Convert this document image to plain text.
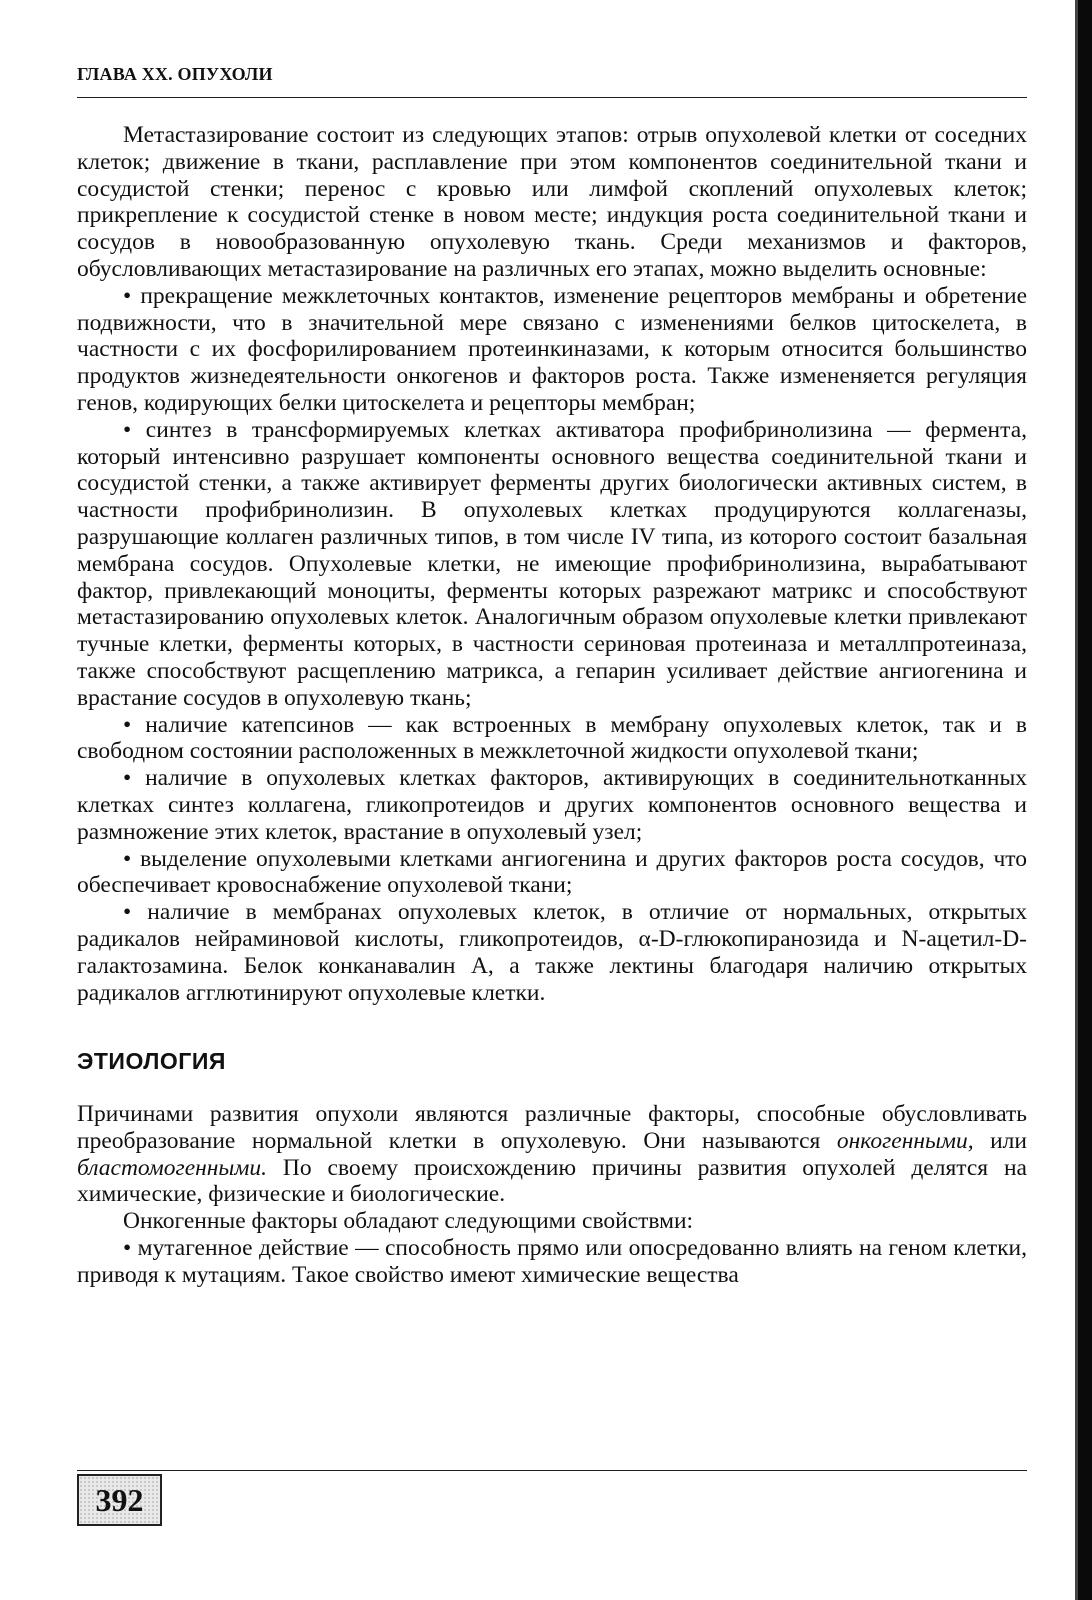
ГЛАВА XX. ОПУХОЛИ

Метастазирование состоит из следующих этапов: отрыв опухолевой клетки от соседних клеток; движение в ткани, расплавление при этом компонентов соединительной ткани и сосудистой стенки; перенос с кровью или лимфой скоплений опухолевых клеток; прикрепление к сосудистой стенке в новом месте; индукция роста соединительной ткани и сосудов в новообразованную опухолевую ткань. Среди механизмов и факторов, обусловливающих метастазирование на различных его этапах, можно выделить основные:

• прекращение межклеточных контактов, изменение рецепторов мембраны и обретение подвижности, что в значительной мере связано с изменениями белков цитоскелета, в частности с их фосфорилированием протеинкиназами, к которым относится большинство продуктов жизнедеятельности онкогенов и факторов роста. Также измененяется регуляция генов, кодирующих белки цитоскелета и рецепторы мембран;

• синтез в трансформируемых клетках активатора профибринолизина — фермента, который интенсивно разрушает компоненты основного вещества соединительной ткани и сосудистой стенки, а также активирует ферменты других биологически активных систем, в частности профибринолизин. В опухолевых клетках продуцируются коллагеназы, разрушающие коллаген различных типов, в том числе IV типа, из которого состоит базальная мембрана сосудов. Опухолевые клетки, не имеющие профибринолизина, вырабатывают фактор, привлекающий моноциты, ферменты которых разрежают матрикс и способствуют метастазированию опухолевых клеток. Аналогичным образом опухолевые клетки привлекают тучные клетки, ферменты которых, в частности сериновая протеиназа и металлпротеиназа, также способствуют расщеплению матрикса, а гепарин усиливает действие ангиогенина и врастание сосудов в опухолевую ткань;

• наличие катепсинов — как встроенных в мембрану опухолевых клеток, так и в свободном состоянии расположенных в межклеточной жидкости опухолевой ткани;

• наличие в опухолевых клетках факторов, активирующих в соединительнотканных клетках синтез коллагена, гликопротеидов и других компонентов основного вещества и размножение этих клеток, врастание в опухолевый узел;

• выделение опухолевыми клетками ангиогенина и других факторов роста сосудов, что обеспечивает кровоснабжение опухолевой ткани;

• наличие в мембранах опухолевых клеток, в отличие от нормальных, открытых радикалов нейраминовой кислоты, гликопротеидов, α-D-глюкопиранозида и N-ацетил-D-галактозамина. Белок конканавалин А, а также лектины благодаря наличию открытых радикалов агглютинируют опухолевые клетки.

ЭТИОЛОГИЯ

Причинами развития опухоли являются различные факторы, способные обусловливать преобразование нормальной клетки в опухолевую. Они называются онкогенными, или бластомогенными. По своему происхождению причины развития опухолей делятся на химические, физические и биологические.

Онкогенные факторы обладают следующими свойствми:

• мутагенное действие — способность прямо или опосредованно влиять на геном клетки, приводя к мутациям. Такое свойство имеют химические вещества

392
